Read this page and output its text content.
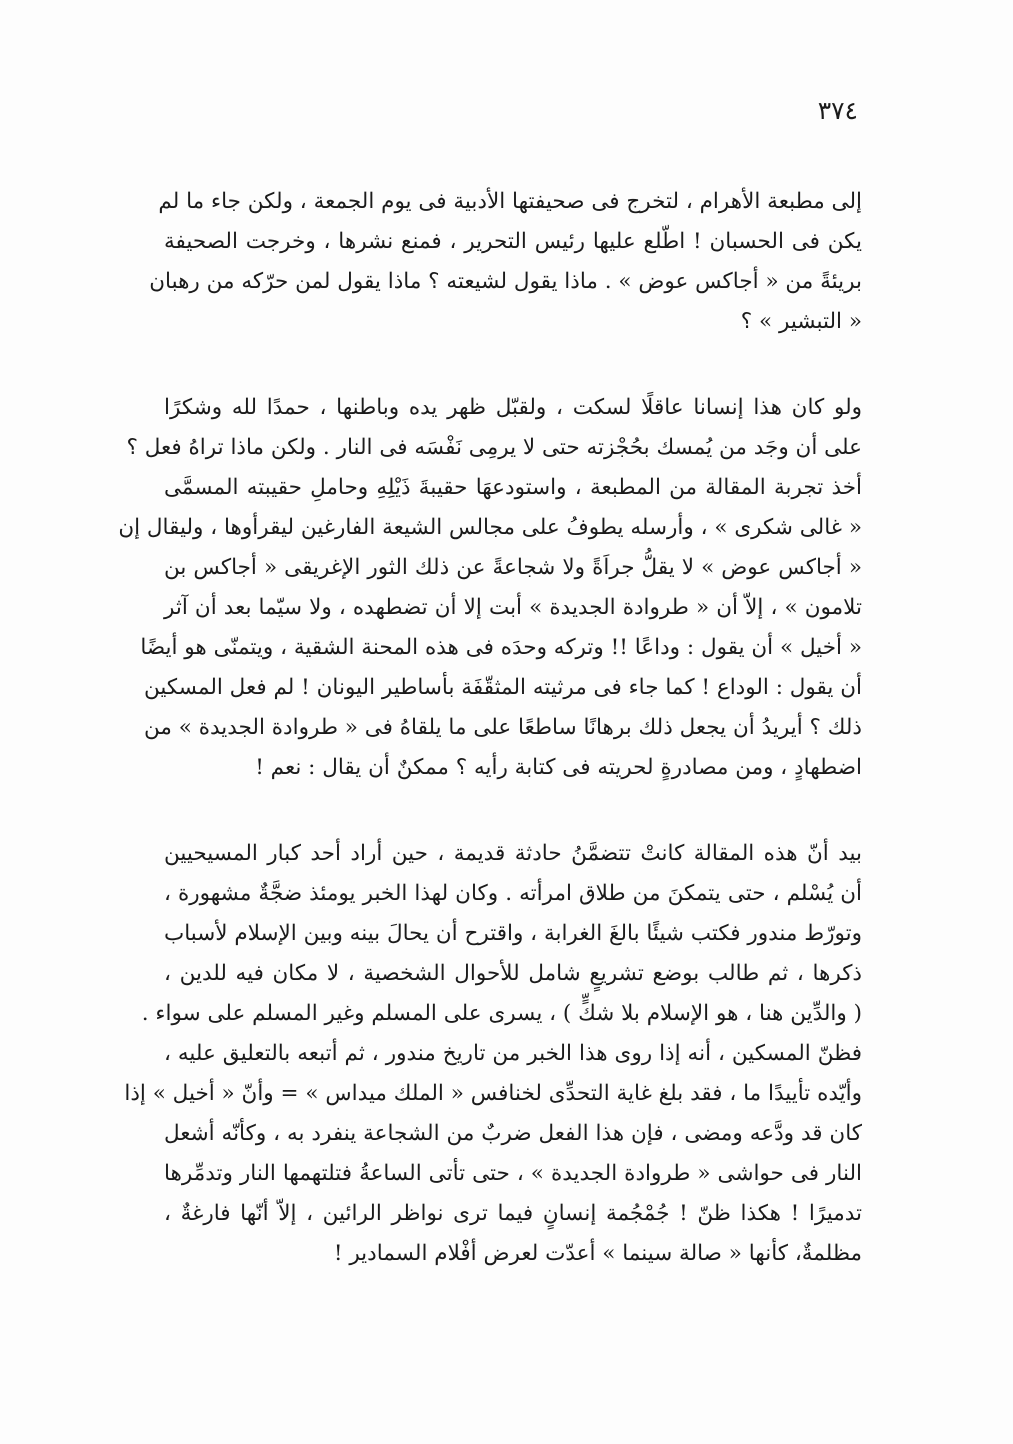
٣٧٤
إلى مطبعة الأهرام ، لتخرج فى صحيفتها الأدبية فى يوم الجمعة ، ولكن جاء ما لم
يكن فى الحسبان ! اطّلع عليها رئيس التحرير ، فمنع نشرها ، وخرجت الصحيفة
بريئةً من « أجاكس عوض » . ماذا يقول لشيعته ؟ ماذا يقول لمن حرّكه من رهبان
« التبشير » ؟
ولو كان هذا إنسانا عاقلًا لسكت ، ولقبّل ظهر يده وباطنها ، حمدًا لله وشكرًا
على أن وجَد من يُمسك بحُجْزته حتى لا يرمِى نَفْسَه فى النار . ولكن ماذا تراهُ فعل ؟
أخذ تجربة المقالة من المطبعة ، واستودعهَا حقيبةَ ذَيْلِهِ وحاملِ حقيبته المسمَّى
« غالى شكرى » ، وأرسله يطوفُ على مجالس الشيعة الفارغين ليقرأوها ، وليقال إن
« أجاكس عوض » لا يقلُّ جراَةً ولا شجاعةً عن ذلك الثور الإغريقى « أجاكس بن
تلامون » ، إلاّ أن « طروادة الجديدة » أبت إلا أن تضطهده ، ولا سيّما بعد أن آثر
« أخيل » أن يقول : وداعًا !! وتركه وحدَه فى هذه المحنة الشقية ، ويتمنّى هو أيضًا
أن يقول : الوداع ! كما جاء فى مرثيته المثقّفَة بأساطير اليونان ! لم فعل المسكين
ذلك ؟ أيريدُ أن يجعل ذلك برهانًا ساطعًا على ما يلقاهُ فى « طروادة الجديدة » من
اضطهادٍ ، ومن مصادرةٍ لحريته فى كتابة رأيه ؟ ممكنٌ أن يقال : نعم !
بيد أنّ هذه المقالة كانتْ تتضمَّنُ حادثة قديمة ، حين أراد أحد كبار المسيحيين
أن يُسْلم ، حتى يتمكنَ من طلاق امرأته . وكان لهذا الخبر يومئذ ضجَّةٌ مشهورة ،
وتورّط مندور فكتب شيئًا بالغَ الغرابة ، واقترح أن يحالَ بينه وبين الإسلام لأسباب
ذكرها ، ثم طالب بوضع تشريعٍ شامل للأحوال الشخصية ، لا مكان فيه للدين ،
( والدِّين هنا ، هو الإسلام بلا شكٍّ ) ، يسرى على المسلم وغير المسلم على سواء .
فظنّ المسكين ، أنه إذا روى هذا الخبر من تاريخ مندور ، ثم أتبعه بالتعليق عليه ،
وأيّده تأييدًا ما ، فقد بلغ غاية التحدِّى لخنافس « الملك ميداس » = وأنّ « أخيل » إذا
كان قد ودَّعه ومضى ، فإن هذا الفعل ضربٌ من الشجاعة ينفرد به ، وكأنّه أشعل
النار فى حواشى « طروادة الجديدة » ، حتى تأتى الساعةُ فتلتهمها النار وتدمِّرها
تدميرًا ! هكذا ظنّ ! جُمْجُمة إنسانٍ فيما ترى نواظر الرائين ، إلاّ أنّها فارغةٌ ،
مظلمةٌ، كأنها « صالة سينما » أعدّت لعرض أفْلام السمادير !
